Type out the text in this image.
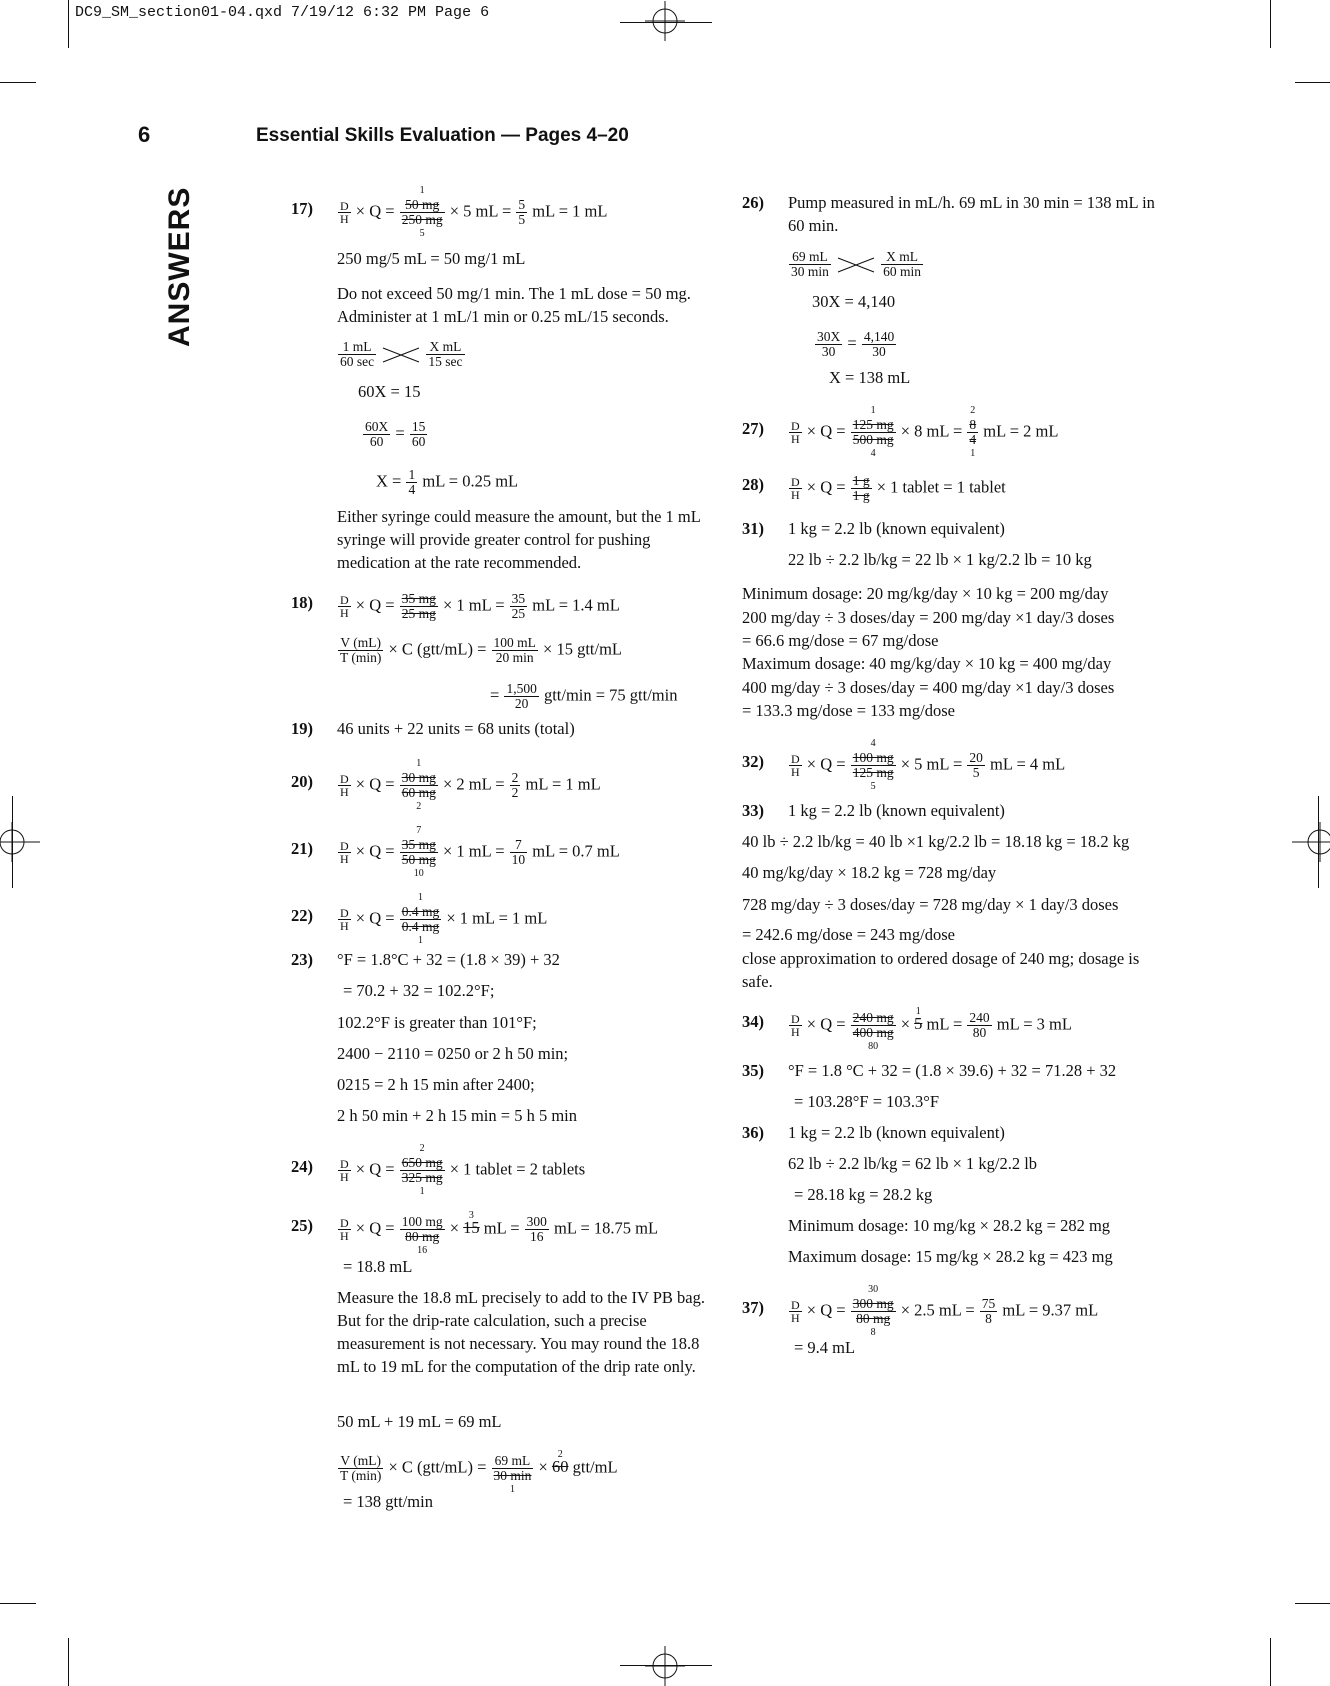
DC9_SM_section01-04.qxd 7/19/12 6:32 PM Page 6
6	Essential Skills Evaluation — Pages 4–20
ANSWERS	$17) \frac{D}{H} \times Q$ =
1
50 mg
250 mg
5
× 5 mL = $\frac{5}{5}$ mL = 1 mL
250 mg/5 mL = 50 mg/1 mL
Do not exceed 50 mg/1 min. The 1 mL dose = 50 mg. Administer at 1 mL/1 min or 0.25 mL/15 seconds.
1 mL
60 sec

X mL
15 sec
60X = 15
$\frac{60X}{60} = \frac{15}{60}$
$X = \frac{1}{4}$ mL = 0.25 mL
Either syringe could measure the amount, but the 1 mL syringe will provide greater control for pushing medication at the rate recommended.
$18) \frac{D}{H} \times Q = \frac{35 mg}{25 mg} \times 1$ mL = $\frac{35}{25}$ mL = 1.4 mL
V (mL)
T (min) × C (gtt/mL) = 100 mL
20 min × 15 gtt/mL
= $\frac{1,500}{20} gtt/\min = 75$ gtt/min
19) 46 units + 22 units = 68 units (total)
$20) \frac{D}{H} \times Q$ =
1
30 mg
60 mg
2
× 2 mL = $\frac{2}{2}$ mL = 1 mL
$21) \frac{D}{H} \times Q$ =
7
35 mg
50 mg
10
× 1 mL = $\frac{7}{10}$ mL = 0.7 mL
$22) \frac{D}{H} \times Q$ =
1
0.4 mg
0.4 mg
1
× 1 mL = 1 mL
23) °F = 1.8°C + 32 = (1.8 × 39) + 32
= 70.2 + 32 = 102.2°F;
102.2°F is greater than 101°F;
2400 − 2110 = 0250 or 2 h 50 min;
0215 = 2 h 15 min after 2400;
2 h 50 min + 2 h 15 min = 5 h 5 min
$24) \frac{D}{H} \times Q$ =
2
650 mg
325 mg
1
× 1 tablet = 2 tablets
$25) \frac{D}{H} \times Q = 100$ mg
80 mg
16
×
3
15 mL = $\frac{300}{16}$ mL = 18.75 mL
= 18.8 mL
Measure the 18.8 mL precisely to add to the IV PB bag. But for the drip-rate calculation, such a precise measurement is not necessary. You may round the 18.8 mL to 19 mL for the computation of the drip rate only.
50 mL + 19 mL = 69 mL
V (mL)
T (min) × C (gtt/mL) = 69 mL
30 min
1
×
2
60 gtt/mL
= 138 gtt/min
26) Pump measured in mL/h. 69 mL in 30 min = 138 mL in 60 min.
69 mL
30 min

X mL
60 min
30X = 4,140
$\frac{30X}{30} = \frac{4,140}{30}$
X = 138 mL
$27) \frac{D}{H} \times Q$ =
1
125 mg
500 mg
4
× 8 mL =
2
8
4
1
mL = 2 mL
$28) \frac{D}{H} \times Q = \frac{1 g}{1 g} \times 1$ tablet = 1 tablet
31) 1 kg = 2.2 lb (known equivalent)
22 lb ÷ 2.2 lb/kg = 22 lb × 1 kg/2.2 lb = 10 kg
Minimum dosage: 20 mg/kg/day × 10 kg = 200 mg/day
200 mg/day ÷ 3 doses/day = 200 mg/day ×1 day/3 doses
= 66.6 mg/dose = 67 mg/dose
Maximum dosage: 40 mg/kg/day × 10 kg = 400 mg/day
400 mg/day ÷ 3 doses/day = 400 mg/day ×1 day/3 doses
= 133.3 mg/dose = 133 mg/dose
$32) \frac{D}{H} \times Q$ =
4
100 mg
125 mg
5
× 5 mL = $\frac{20}{5}$ mL = 4 mL
33) 1 kg = 2.2 lb (known equivalent)
40 lb ÷ 2.2 lb/kg = 40 lb ×1 kg/2.2 lb = 18.18 kg = 18.2 kg
40 mg/kg/day × 18.2 kg = 728 mg/day
728 mg/day ÷ 3 doses/day = 728 mg/day × 1 day/3 doses
= 242.6 mg/dose = 243 mg/dose
close approximation to ordered dosage of 240 mg; dosage is safe.
$34) \frac{D}{H} \times Q = 240$ mg
400 mg
80
×
1
5 mL = $\frac{240}{80}$ mL = 3 mL
35) °F = 1.8 °C + 32 = (1.8 × 39.6) + 32 = 71.28 + 32
= 103.28°F = 103.3°F
36) 1 kg = 2.2 lb (known equivalent)
62 lb ÷ 2.2 lb/kg = 62 lb × 1 kg/2.2 lb
= 28.18 kg = 28.2 kg
Minimum dosage: 10 mg/kg × 28.2 kg = 282 mg
Maximum dosage: 15 mg/kg × 28.2 kg = 423 mg
$37) \frac{D}{H} \times Q$ =
30
300 mg
80 mg
8
× 2.5 mL = $\frac{75}{8}$ mL = 9.37 mL
= 9.4 mL
